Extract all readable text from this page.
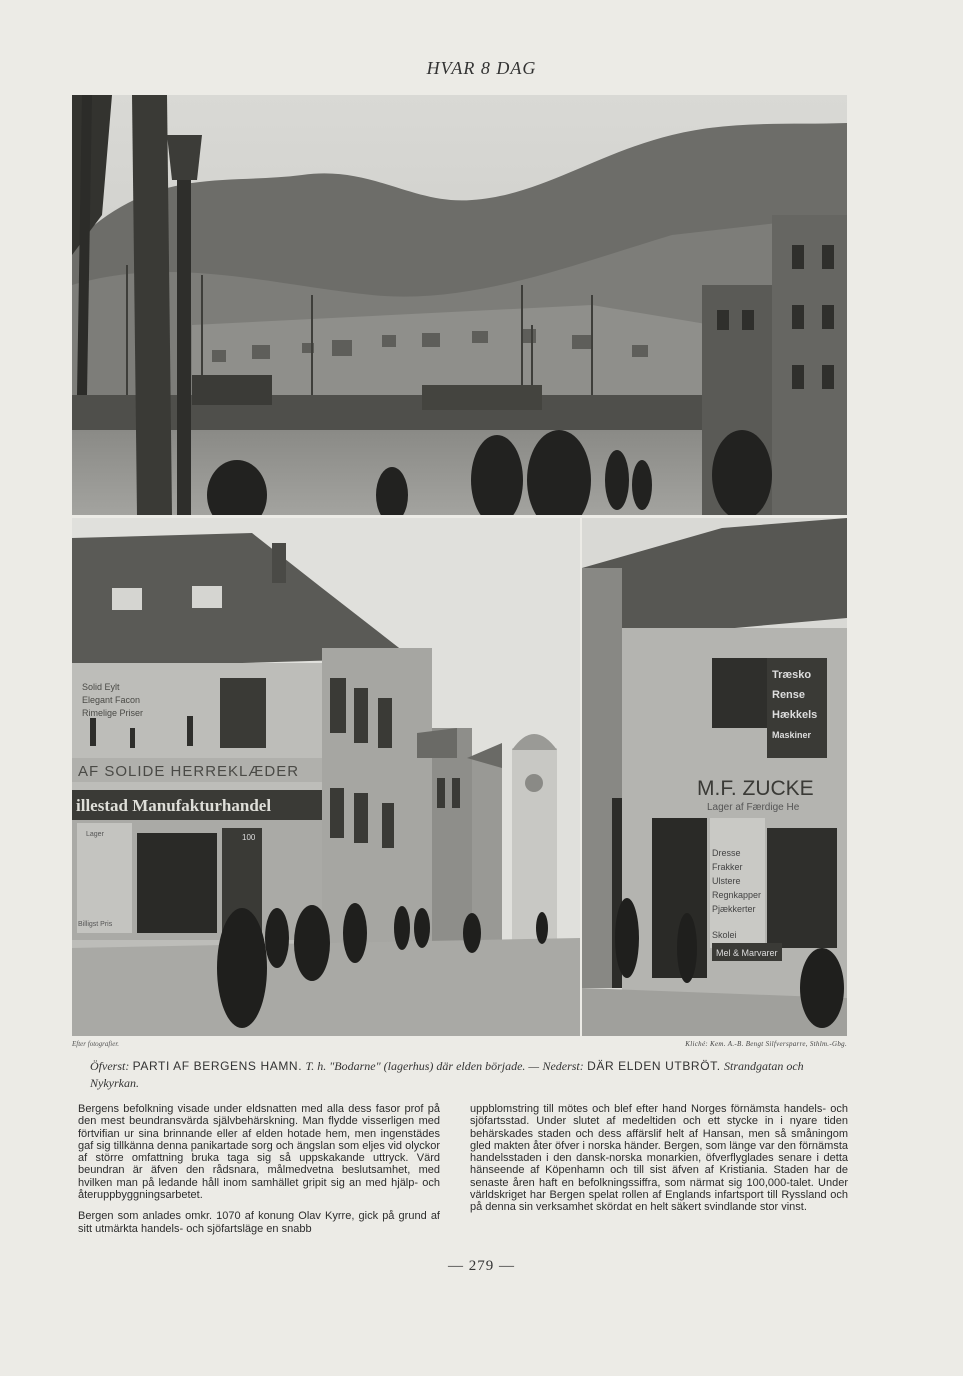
HVAR 8 DAG
Solid Eylt
Elegant Facon
Rimelige Priser
AF SOLIDE HERREKLÆDER
illestad Manufakturhandel
Lager
Billigst Pris
100
Træsko
Rense
Hækkels
Maskiner
M.F. ZUCKE
Lager af Færdige He
Dresse
Frakker
Ulstere
Regnkapper
Pjækkerter
Skolei
Mel & Marvarer
Efter fotografier.	Kliché: Kem. A.-B. Bengt Silfversparre, Sthlm.-Gbg.
Öfverst: PARTI AF BERGENS HAMN. T. h. "Bodarne" (lagerhus) där elden började. — Nederst: DÄR ELDEN UTBRÖT. Strandgatan och Nykyrkan.

Bergens befolkning visade under eldsnatten med alla dess fasor prof på den mest beundransvärda självbehärskning. Man flydde visserligen med förtvifian ur sina brinnande eller af elden hotade hem, men ingenstädes gaf sig tillkänna denna panikartade sorg och ängslan som eljes vid olyckor af större omfattning bruka taga sig så uppskakande uttryck. Värd beundran är äfven den rådsnara, målmedvetna beslutsamhet, med hvilken man på ledande håll inom samhället gripit sig an med hjälp- och återuppbyggningsarbetet.

Bergen som anlades omkr. 1070 af konung Olav Kyrre, gick på grund af sitt utmärkta handels- och sjöfartsläge en snabb

uppblomstring till mötes och blef efter hand Norges förnämsta handels- och sjöfartsstad. Under slutet af medeltiden och ett stycke in i nyare tiden behärskades staden och dess affärslif helt af Hansan, men så småningom gled makten åter öfver i norska händer. Bergen, som länge var den förnämsta handelsstaden i den dansk-norska monarkien, öfverflyglades senare i detta hänseende af Köpenhamn och till sist äfven af Kristiania. Staden har de senaste åren haft en befolkningssiffra, som närmat sig 100,000-talet. Under världskriget har Bergen spelat rollen af Englands infartsport till Ryssland och på denna sin verksamhet skördat en helt säkert svindlande stor vinst.

— 279 —
